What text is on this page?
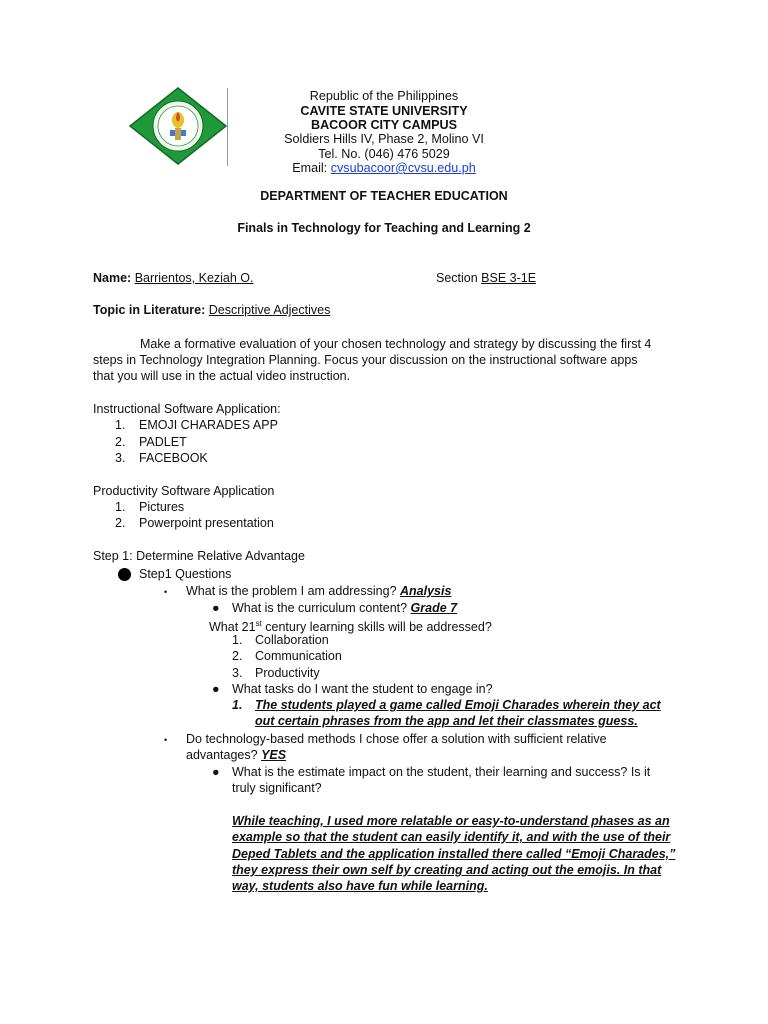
Republic of the Philippines
CAVITE STATE UNIVERSITY
BACOOR CITY CAMPUS
Soldiers Hills IV, Phase 2, Molino VI
Tel. No. (046) 476 5029
Email: cvsubacoor@cvsu.edu.ph
DEPARTMENT OF TEACHER EDUCATION
Finals in Technology for Teaching and Learning 2
Name: Barrientos, Keziah O.	Section BSE 3-1E
Topic in Literature: Descriptive Adjectives
Make a formative evaluation of your chosen technology and strategy by discussing the first 4
steps in Technology Integration Planning. Focus your discussion on the instructional software apps
that you will use in the actual video instruction.
Instructional Software Application:
1. EMOJI CHARADES APP
2. PADLET
3. FACEBOOK
Productivity Software Application
1. Pictures
2. Powerpoint presentation
Step 1: Determine Relative Advantage
Step1 Questions
• What is the problem I am addressing? Analysis
● What is the curriculum content? Grade 7
What 21st century learning skills will be addressed?
1. Collaboration
2. Communication
3. Productivity
● What tasks do I want the student to engage in?
1. The students played a game called Emoji Charades wherein they act
out certain phrases from the app and let their classmates guess.
• Do technology-based methods I chose offer a solution with sufficient relative
advantages? YES
● What is the estimate impact on the student, their learning and success? Is it
truly significant?
While teaching, I used more relatable or easy-to-understand phases as an
example so that the student can easily identify it, and with the use of their
Deped Tablets and the application installed there called “Emoji Charades,”
they express their own self by creating and acting out the emojis. In that
way, students also have fun while learning.
